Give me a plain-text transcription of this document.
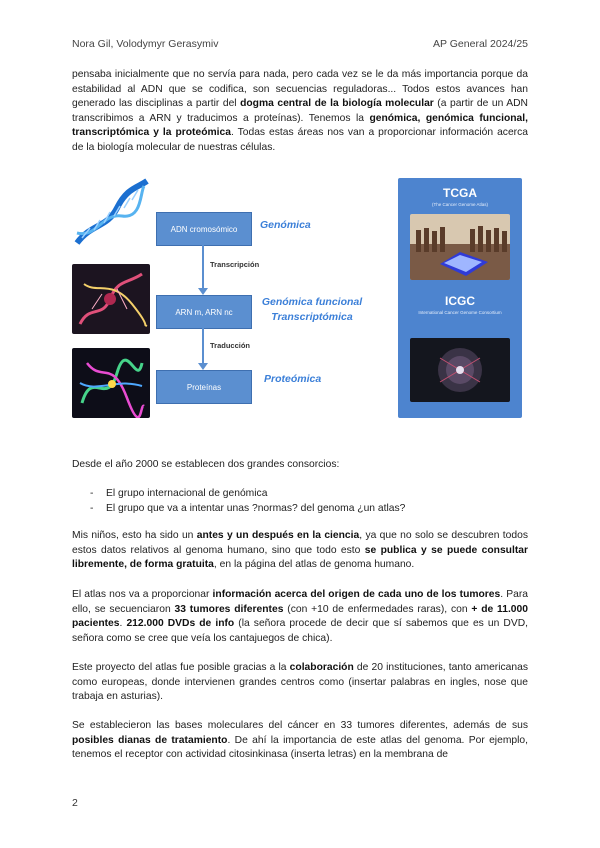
Nora Gil, Volodymyr Gerasymiv	AP General 2024/25

pensaba inicialmente que no servía para nada, pero cada vez se le da más importancia porque da estabilidad al ADN que se codifica, son secuencias reguladoras... Todos estos avances han generado las disciplinas a partir del dogma central de la biología molecular (a partir de un ADN transcribimos a ARN y traducimos a proteínas). Tenemos la genómica, genómica funcional, transcriptómica y la proteómica. Todas estas áreas nos van a proporcionar información acerca de la biología molecular de nuestras células.

ADN cromosómico
Transcripción
ARN m, ARN nc
Traducción
Proteínas
Genómica
Genómica funcional
Transcriptómica
Proteómica
TCGA
(The Cancer Genome Atlas)
ICGC
International Cancer Genome Consortium

Desde el año 2000 se establecen dos grandes consorcios:

- El grupo internacional de genómica
- El grupo que va a intentar unas ?normas? del genoma ¿un atlas?

Mis niños, esto ha sido un antes y un después en la ciencia, ya que no solo se descubren todos estos datos relativos al genoma humano, sino que todo esto se publica y se puede consultar libremente, de forma gratuita, en la página del atlas de genoma humano.

El atlas nos va a proporcionar información acerca del origen de cada uno de los tumores. Para ello, se secuenciaron 33 tumores diferentes (con +10 de enfermedades raras), con + de 11.000 pacientes. 212.000 DVDs de info (la señora procede de decir que sí sabemos que es un DVD, señora como se cree que veía los cantajuegos de chica).

Este proyecto del atlas fue posible gracias a la colaboración de 20 instituciones, tanto americanas como europeas, donde intervienen grandes centros como (insertar palabras en ingles, nose que trabaja en asturias).

Se establecieron las bases moleculares del cáncer en 33 tumores diferentes, además de sus posibles dianas de tratamiento. De ahí la importancia de este atlas del genoma. Por ejemplo, tenemos el receptor con actividad citosinkinasa (inserta letras) en la membrana de

2
